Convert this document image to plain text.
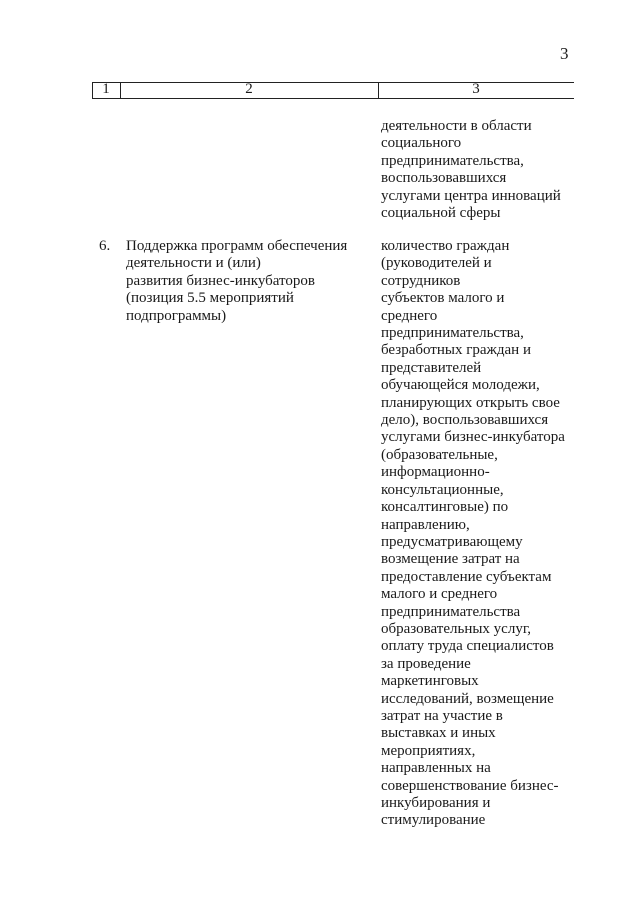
3
1	2	3
деятельности в области
социального
предпринимательства,
воспользовавшихся
услугами центра инноваций
социальной сферы
6. Поддержка программ обеспечения
деятельности и (или)
развития бизнес-инкубаторов
(позиция 5.5 мероприятий
подпрограммы)
количество граждан
(руководителей и
сотрудников
субъектов малого и
среднего
предпринимательства,
безработных граждан и
представителей
обучающейся молодежи,
планирующих открыть свое
дело), воспользовавшихся
услугами бизнес-инкубатора
(образовательные,
информационно-
консультационные,
консалтинговые) по
направлению,
предусматривающему
возмещение затрат на
предоставление субъектам
малого и среднего
предпринимательства
образовательных услуг,
оплату труда специалистов
за проведение
маркетинговых
исследований, возмещение
затрат на участие в
выставках и иных
мероприятиях,
направленных на
совершенствование бизнес-
инкубирования и
стимулирование
